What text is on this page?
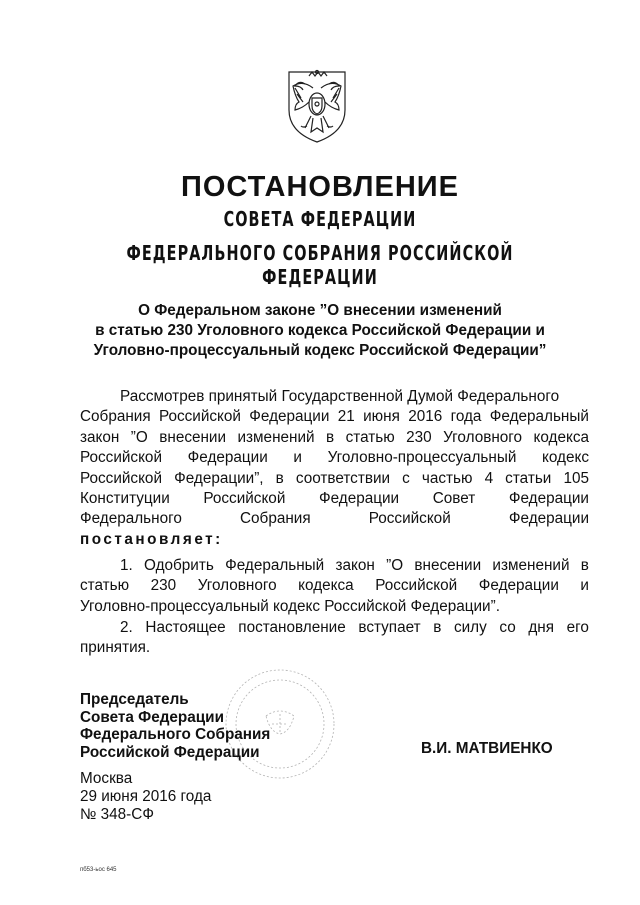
ПОСТАНОВЛЕНИЕ
СОВЕТА ФЕДЕРАЦИИ
ФЕДЕРАЛЬНОГО СОБРАНИЯ РОССИЙСКОЙ ФЕДЕРАЦИИ
О Федеральном законе ”О внесении изменений
в статью 230 Уголовного кодекса Российской Федерации и
Уголовно-процессуальный кодекс Российской Федерации”
Рассмотрев принятый Государственной Думой Федерального
Собрания Российской Федерации 21 июня 2016 года Федеральный
закон ”О внесении изменений в статью 230 Уголовного кодекса
Российской Федерации и Уголовно-процессуальный кодекс
Российской Федерации”, в соответствии с частью 4 статьи 105
Конституции Российской Федерации Совет Федерации
Федерального	Собрания	Российской	Федерации
постановляет:
1. Одобрить Федеральный закон ”О внесении изменений в
статью 230 Уголовного кодекса Российской Федерации и
Уголовно-процессуальный кодекс Российской Федерации”.
2. Настоящее постановление вступает в силу со дня его
принятия.
Председатель
Совета Федерации
Федерального Собрания
Российской Федерации	В.И. МАТВИЕНКО
Москва
29 июня 2016 года
№ 348-СФ
пб53-ьос 645
